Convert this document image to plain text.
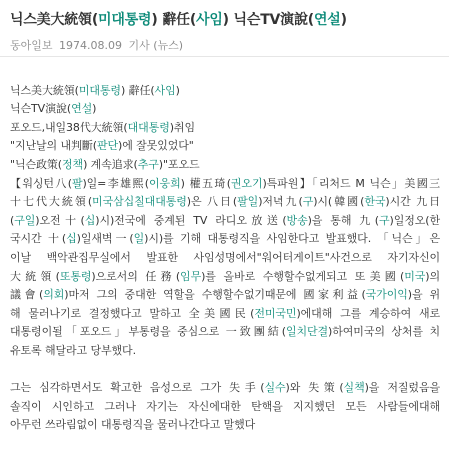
닉스美大統領(미대통령) 辭任(사임) 닉슨TV演說(연설)
동아일보 1974.08.09 기사 (뉴스)
닉스美大統領(미대통령) 辭任(사임)
닉슨TV演說(연설)
포오드,내일38代大統領(대대통령)취임
"지난날의 내判斷(판단)에 잘못있었다"
"닉슨政策(정책) 계속追求(추구)"포오드
【워싱턴八(팔)일=李雄熙(이웅희) 權五琦(권오기)특파원】「리처드 M 닉슨」美國三
十七代大統領(미국삼십칠대대통령)은 八日(팔일)저녁九(구)시(韓國(한국)시간 九日
(구일)오전十(십)시)전국에 중계된 TV 라디오放送(방송)을 통해 九(구)일정오(한
국시간 十(십)일새벽一(일)시)를 기해 대통령직을 사임한다고 발표했다. 「닉슨」은
이날 백악관집무실에서 발표한 사임성명에서"워어터게이트"사건으로 자기자신이
大統領(또통령)으로서의 任務(임무)를 올바로 수행할수없게되고 또美國(미국)의
議會(의회)마저 그의 중대한 역할을 수행할수없기때문에 國家利益(국가이익)을 위
해 물러나기로 결정했다고 말하고 全美國民(전미국민)에대해 그를 계승하여 새로
대통령이될「포오드」부통령을 중심으로 一致團結(일치단결)하여미국의 상처를 치
유토록 해달라고 당부했다.
그는 심각하면서도 확고한 음성으로 그가 失手(실수)와 失策(실책)을 저질렀음을
솔직이 시인하고 그러나 자기는 자신에대한 탄핵을 지지했던 모든 사람들에대해
아무런 쓰라림없이 대통령직을 물러나간다고 말했다
